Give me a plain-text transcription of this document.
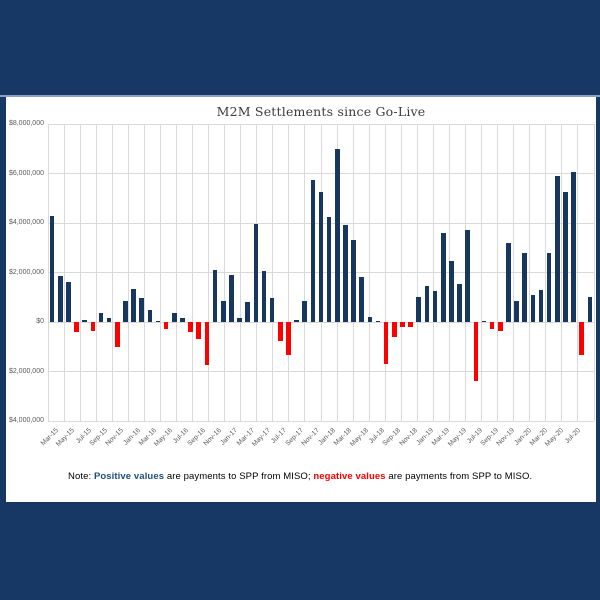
M2M Settlements since Go-Live
$8,000,000
$6,000,000
$4,000,000
$2,000,000
$0
$2,000,000
$4,000,000
Mar-15
May-15
Jul-15
Sep-15
Nov-15
Jan-16
Mar-16
May-16
Jul-16
Sep-16
Nov-16
Jan-17
Mar-17
May-17
Jul-17
Sep-17
Nov-17
Jan-18
Mar-18
May-18
Jul-18
Sep-18
Nov-18
Jan-19
Mar-19
May-19
Jul-19
Sep-19
Nov-19
Jan-20
Mar-20
May-20
Jul-20
Note: Positive values are payments to SPP from MISO; negative values are payments from SPP to MISO.
